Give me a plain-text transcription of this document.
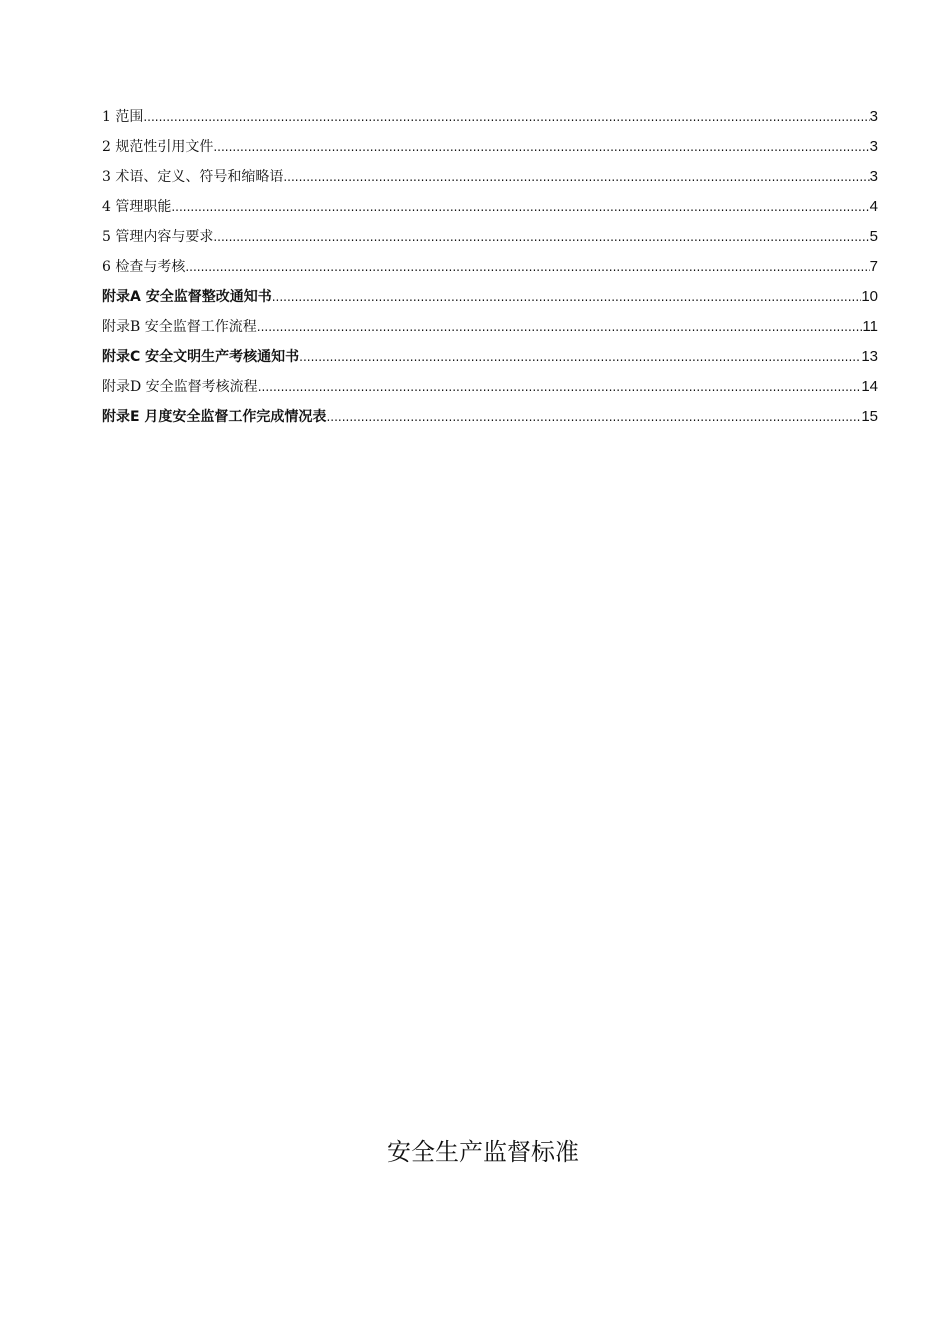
1 范围 .....	3
2 规范性引用文件 .....	3
3 术语、定义、符号和缩略语 .....	3
4 管理职能 .....	4
5 管理内容与要求 .....	5
6 检查与考核 .....	7
附录A 安全监督整改通知书 .....	10
附录B 安全监督工作流程 .....	11
附录C 安全文明生产考核通知书 .....	13
附录D 安全监督考核流程 .....	14
附录E 月度安全监督工作完成情况表 .....	15
安全生产监督标准
